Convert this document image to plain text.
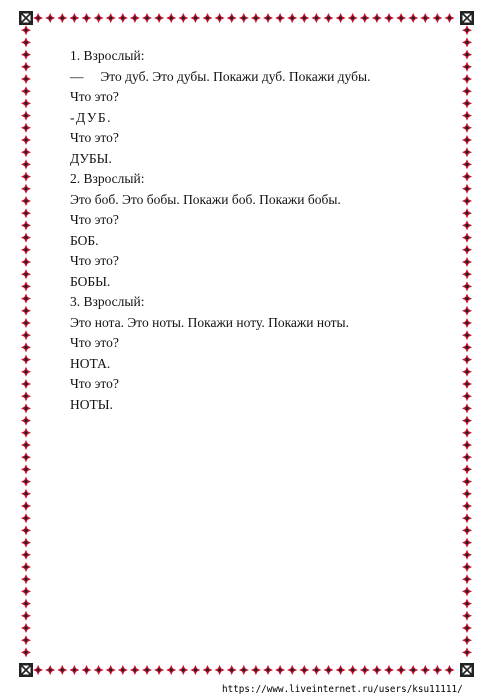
1. Взрослый:
—     Это дуб. Это дубы. Покажи дуб. Покажи дубы.
Что это?
-ДУБ.
Что это?
ДУБЫ.
2. Взрослый:
Это боб. Это бобы. Покажи боб. Покажи бобы.
Что это?
БОБ.
Что это?
БОБЫ.
3. Взрослый:
Это нота. Это ноты. Покажи ноту. Покажи ноты.
Что это?
НОТА.
Что это?
НОТЫ.
https://www.liveinternet.ru/users/ksu11111/
